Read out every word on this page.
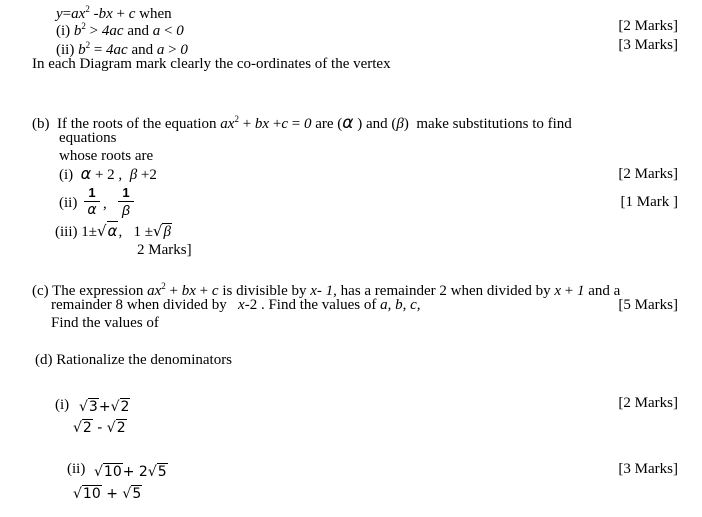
$y=ax^2$ -bx + c when
(i) $b^2 > 4ac$ and a < 0	[2 Marks]
(ii) $b^2 = 4ac$ and a > 0	[3 Marks]
In each Diagram mark clearly the co-ordinates of the vertex
(b)  If the roots of the equation $ax^2$ + bx +c = 0 are (α ) and (β)  make substitutions to find
equations
whose roots are
(i) α + 2 ,  β +2	[2 Marks]
(ii)
1
α ,
1
β	[1 Mark ]
(iii) 1±√α, 1 ±√β
2 Marks]
(c) The expression $ax^2$ + bx + c is divisible by x- 1, has a remainder 2 when divided by x + 1 and a
remainder 8 when divided by   x-2 . Find the values of a, b, c,	[5 Marks]
Find the values of
(d) Rationalize the denominators
(i) √3+√2
√2 - √2
[2 Marks]
(ii) √10+ 2√5
√10 + √5
[3 Marks]
